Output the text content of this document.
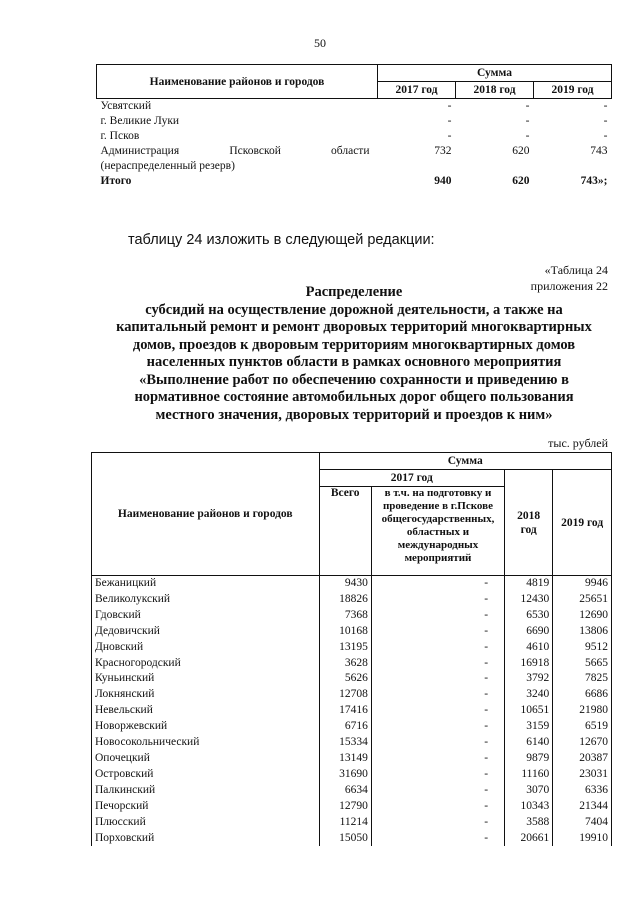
50
Наименование районов и городов	Сумма		
	2017 год	2018 год	2019 год
Усвятский	-	-	-
г. Великие Луки	-	-	-
г. Псков	-	-	-

Администрация Псковской области
(нераспределенный резерв)	732	620	743
Итого	940	620	743»;
таблицу 24 изложить в следующей редакции:
«Таблица 24
приложения 22
Распределение
субсидий на осуществление дорожной деятельности, а также на
капитальный ремонт и ремонт дворовых территорий многоквартирных
домов, проездов к дворовым территориям многоквартирных домов
населенных пунктов области в рамках основного мероприятия
«Выполнение работ по обеспечению сохранности и приведению в
нормативное состояние автомобильных дорог общего пользования
местного значения, дворовых территорий и проездов к ним»
тыс. рублей
Наименование районов и городов	Сумма			
	2017 год		2018 год	2019 год
	Всего	в т.ч. на подготовку и проведение в г.Пскове общегосударственных, областных и международных мероприятий		
Бежаницкий	9430	-	4819	9946
Великолукский	18826	-	12430	25651
Гдовский	7368	-	6530	12690
Дедовичский	10168	-	6690	13806
Дновский	13195	-	4610	9512
Красногородский	3628	-	16918	5665
Куньинский	5626	-	3792	7825
Локнянский	12708	-	3240	6686
Невельский	17416	-	10651	21980
Новоржевский	6716	-	3159	6519
Новосокольнический	15334	-	6140	12670
Опочецкий	13149	-	9879	20387
Островский	31690	-	11160	23031
Палкинский	6634	-	3070	6336
Печорский	12790	-	10343	21344
Плюсский	11214	-	3588	7404
Порховский	15050	-	20661	19910
